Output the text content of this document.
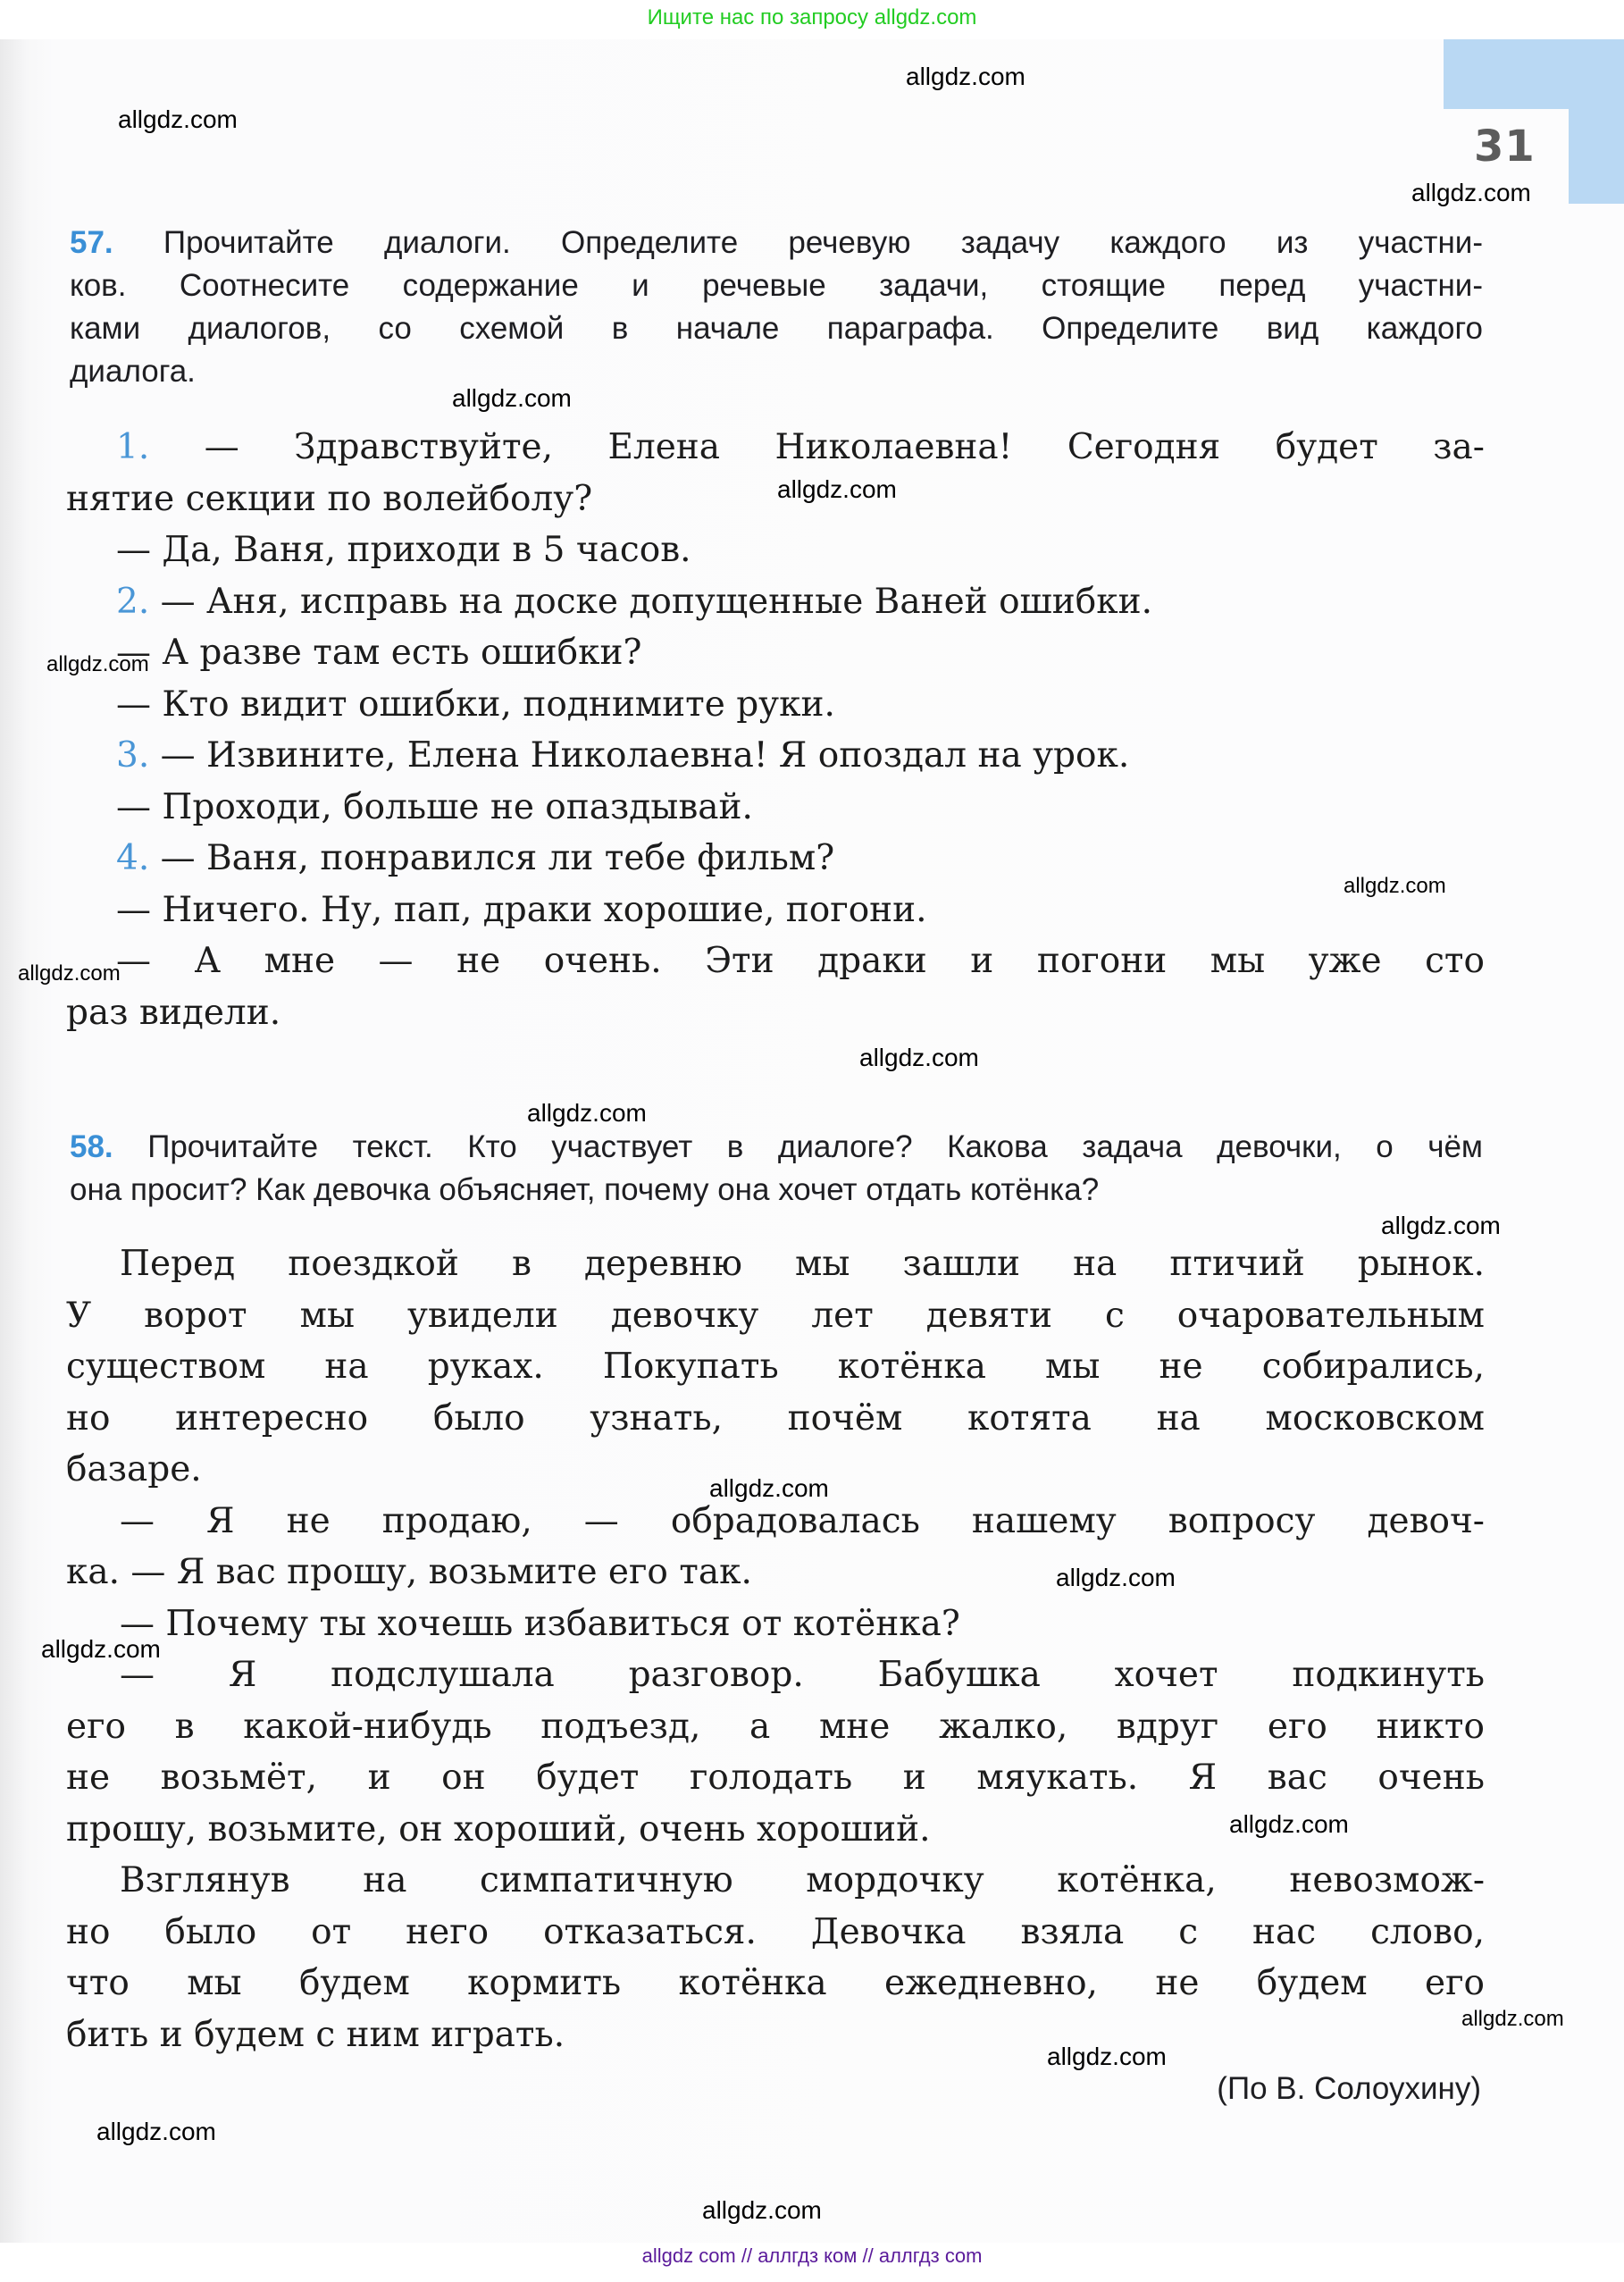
Ищите нас по запросу allgdz.com
31
57. Прочитайте диалоги. Определите речевую задачу каждого из участни-
ков. Соотнесите содержание и речевые задачи, стоящие перед участни-
ками диалогов, со схемой в начале параграфа. Определите вид каждого
диалога.
1. — Здравствуйте, Елена Николаевна! Сегодня будет за-
нятие секции по волейболу?
— Да, Ваня, приходи в 5 часов.
2. — Аня, исправь на доске допущенные Ваней ошибки.
— А разве там есть ошибки?
— Кто видит ошибки, поднимите руки.
3. — Извините, Елена Николаевна! Я опоздал на урок.
— Проходи, больше не опаздывай.
4. — Ваня, понравился ли тебе фильм?
— Ничего. Ну, пап, драки хорошие, погони.
— А мне — не очень. Эти драки и погони мы уже сто
раз видели.
58. Прочитайте текст. Кто участвует в диалоге? Какова задача девочки, о чём
она просит? Как девочка объясняет, почему она хочет отдать котёнка?
Перед поездкой в деревню мы зашли на птичий рынок.
У ворот мы увидели девочку лет девяти с очаровательным
существом на руках. Покупать котёнка мы не собирались,
но интересно было узнать, почём котята на московском
базаре.
— Я не продаю, — обрадовалась нашему вопросу девоч-
ка. — Я вас прошу, возьмите его так.
— Почему ты хочешь избавиться от котёнка?
— Я подслушала разговор. Бабушка хочет подкинуть
его в какой-нибудь подъезд, а мне жалко, вдруг его никто
не возьмёт, и он будет голодать и мяукать. Я вас очень
прошу, возьмите, он хороший, очень хороший.
Взглянув на симпатичную мордочку котёнка, невозмож-
но было от него отказаться. Девочка взяла с нас слово,
что мы будем кормить котёнка ежедневно, не будем его
бить и будем с ним играть.
(По В. Солоухину)
allgdz.com
allgdz.com
allgdz.com
allgdz.com
allgdz.com
allgdz.com
allgdz.com
allgdz.com
allgdz.com
allgdz.com
allgdz.com
allgdz.com
allgdz.com
allgdz.com
allgdz.com
allgdz.com
allgdz.com
allgdz.com
allgdz.com
allgdz com // аллгдз ком // аллгдз com
